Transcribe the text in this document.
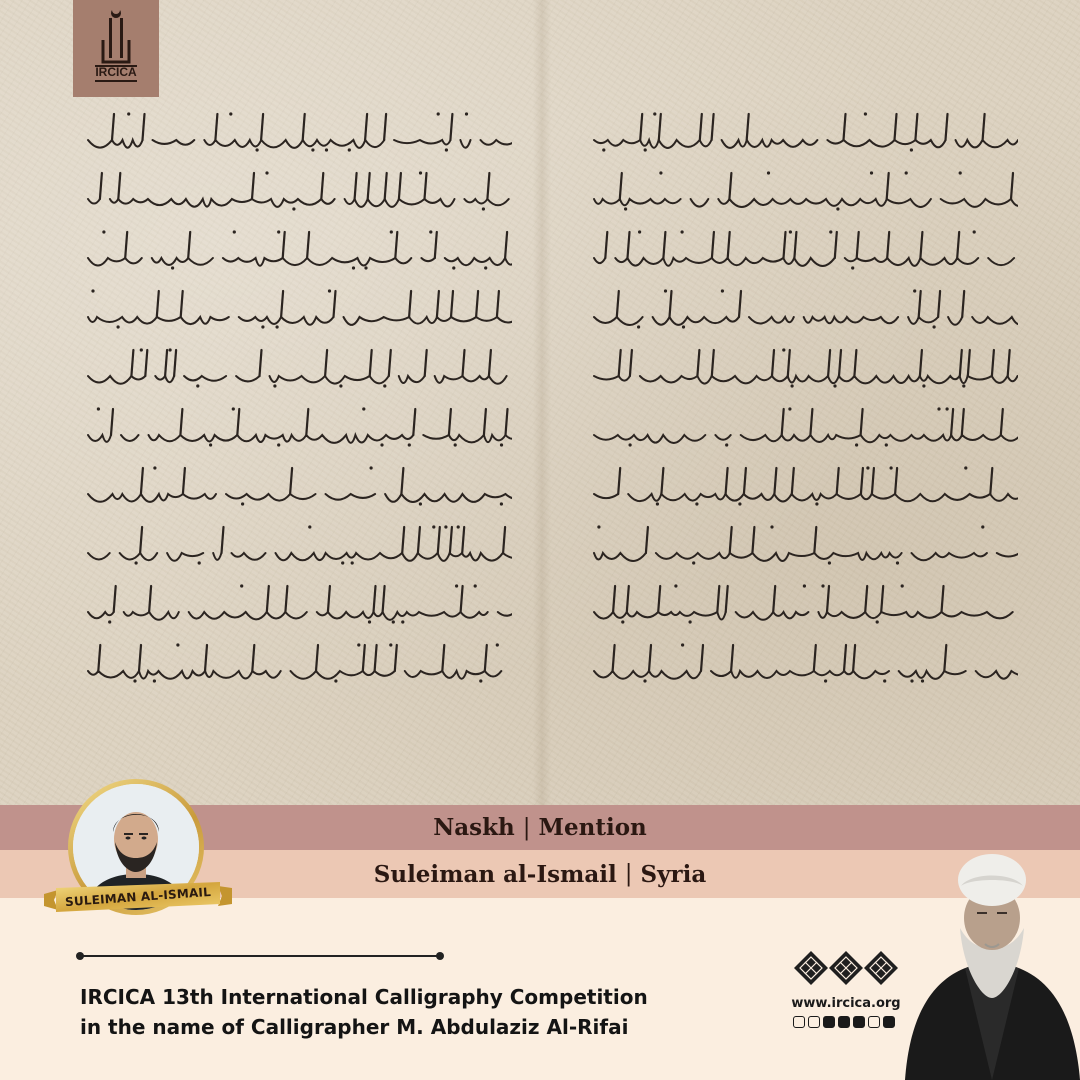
IRCICA
Naskh | Mention
Suleiman al-Ismail | Syria
SULEIMAN AL-ISMAIL
IRCICA 13th International Calligraphy Competition
in the name of Calligrapher M. Abdulaziz Al-Rifai
www.ircica.org
